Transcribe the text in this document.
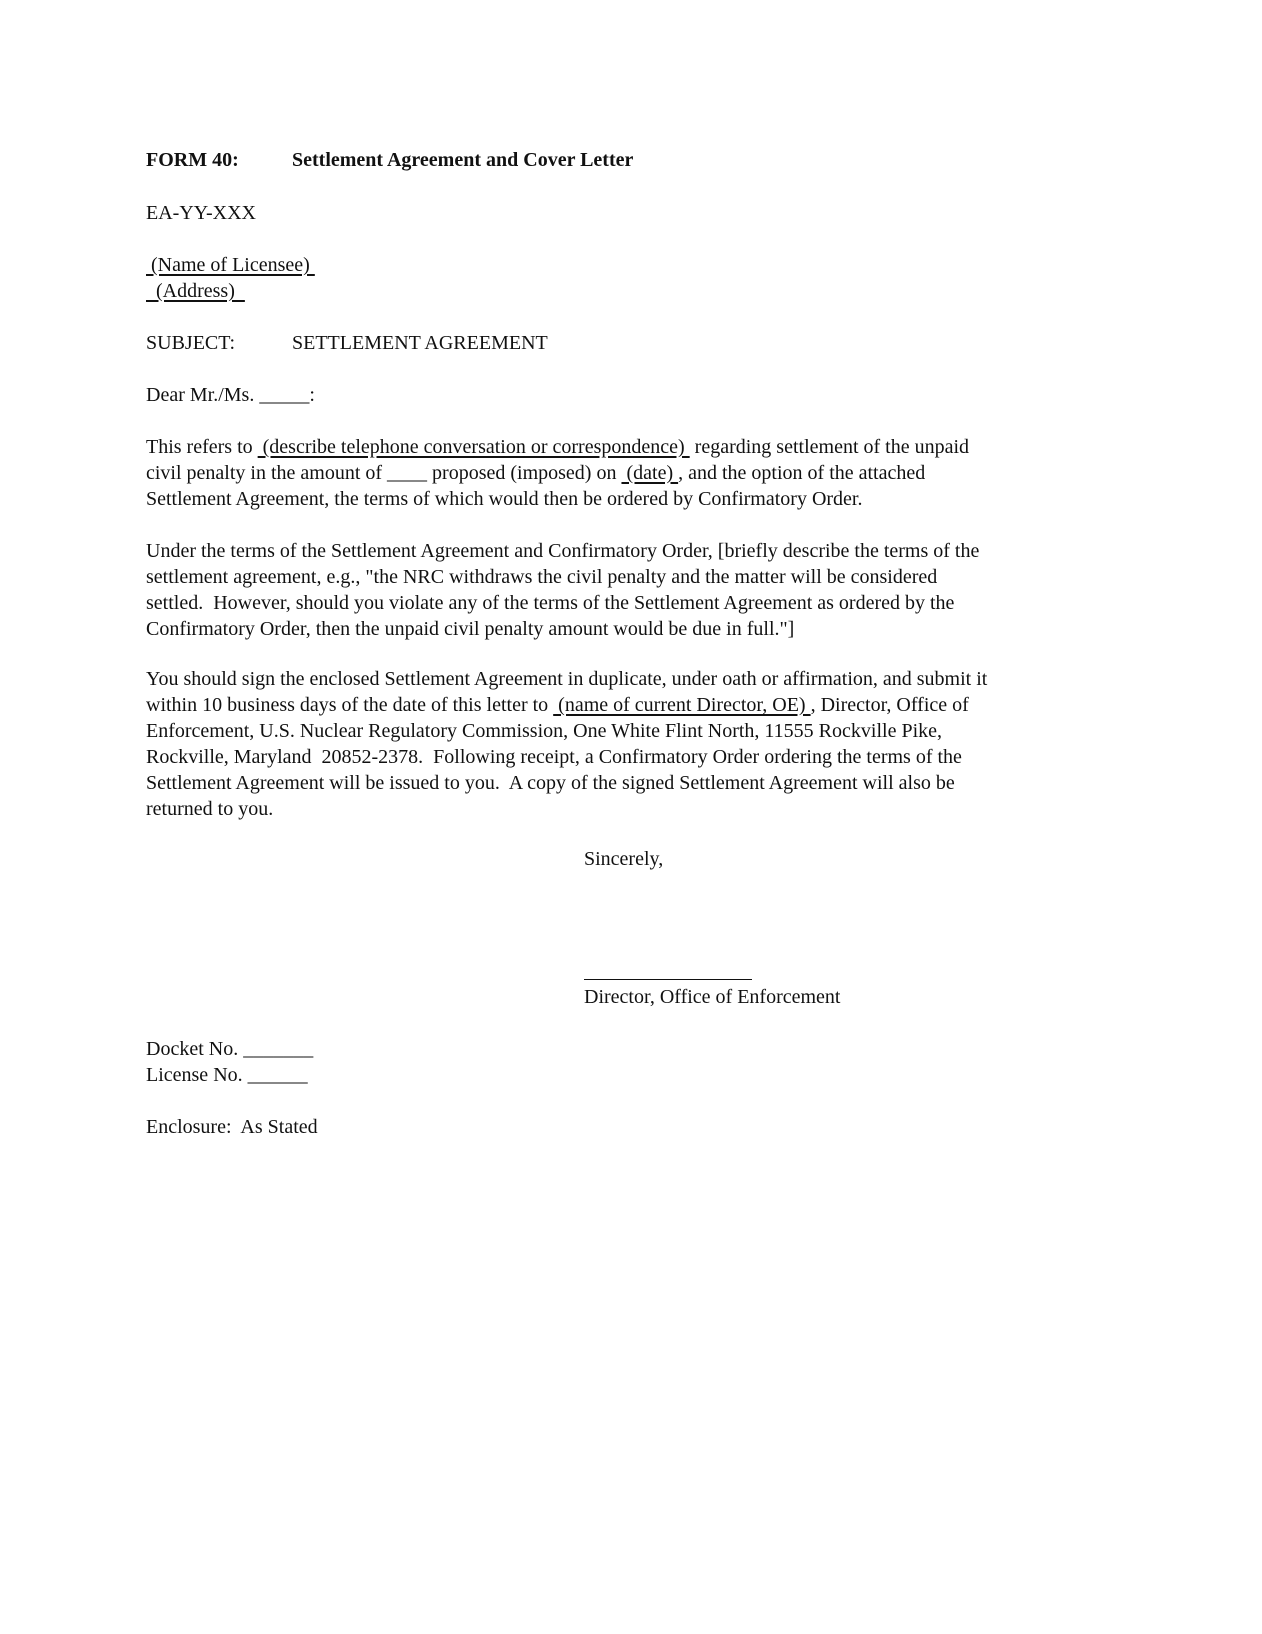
FORM 40:	Settlement Agreement and Cover Letter
EA-YY-XXX
(Name of Licensee)
(Address)
SUBJECT:	SETTLEMENT AGREEMENT
Dear Mr./Ms. _____:
This refers to  (describe telephone conversation or correspondence)  regarding settlement of the unpaid
civil penalty in the amount of ____ proposed (imposed) on  (date) , and the option of the attached
Settlement Agreement, the terms of which would then be ordered by Confirmatory Order.
Under the terms of the Settlement Agreement and Confirmatory Order, [briefly describe the terms of the
settlement agreement, e.g., "the NRC withdraws the civil penalty and the matter will be considered
settled.  However, should you violate any of the terms of the Settlement Agreement as ordered by the
Confirmatory Order, then the unpaid civil penalty amount would be due in full."]
You should sign the enclosed Settlement Agreement in duplicate, under oath or affirmation, and submit it
within 10 business days of the date of this letter to  (name of current Director, OE) , Director, Office of
Enforcement, U.S. Nuclear Regulatory Commission, One White Flint North, 11555 Rockville Pike,
Rockville, Maryland  20852-2378.  Following receipt, a Confirmatory Order ordering the terms of the
Settlement Agreement will be issued to you.  A copy of the signed Settlement Agreement will also be
returned to you.
Sincerely,
Director, Office of Enforcement
Docket No. _______
License No. ______
Enclosure:  As Stated
